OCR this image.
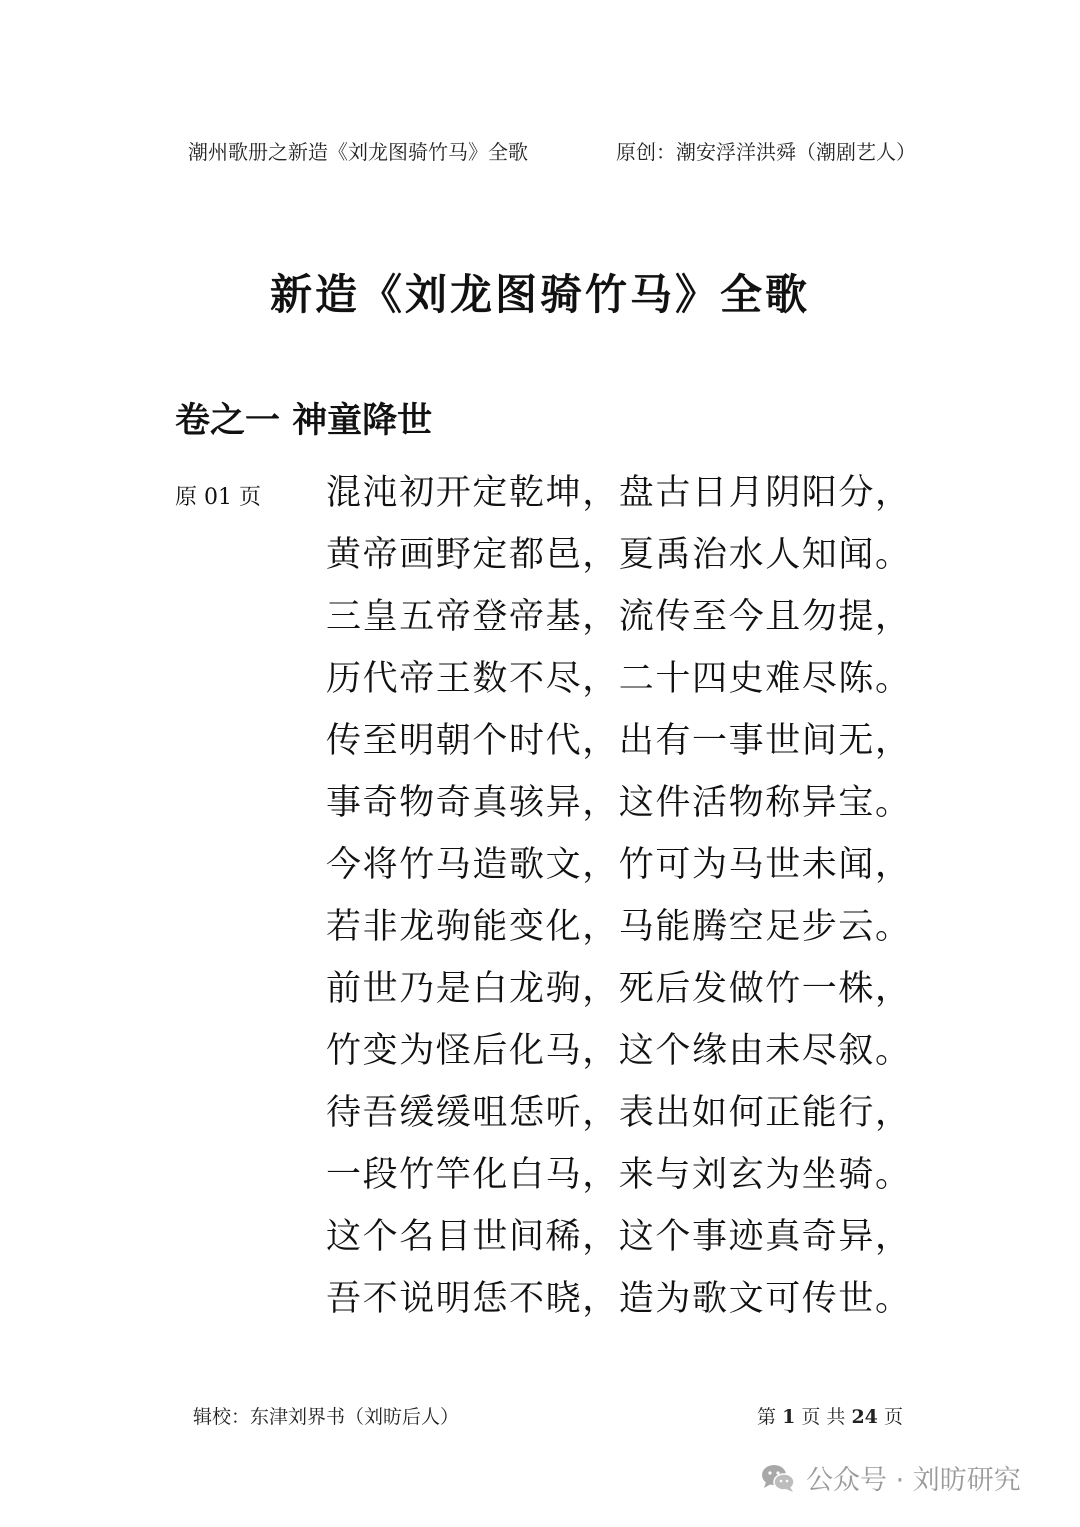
潮州歌册之新造《刘龙图骑竹马》全歌	原创：潮安浮洋洪舜（潮剧艺人）
新造《刘龙图骑竹马》全歌
卷之一 神童降世
原 01 页 混沌初开定乾坤，盘古日月阴阳分，
黄帝画野定都邑，夏禹治水人知闻。
三皇五帝登帝基，流传至今且勿提，
历代帝王数不尽，二十四史难尽陈。
传至明朝个时代，出有一事世间无，
事奇物奇真骇异，这件活物称异宝。
今将竹马造歌文，竹可为马世未闻，
若非龙驹能变化，马能腾空足步云。
前世乃是白龙驹，死后发做竹一株，
竹变为怪后化马，这个缘由未尽叙。
待吾缓缓咀恁听，表出如何正能行，
一段竹竿化白马，来与刘玄为坐骑。
这个名目世间稀，这个事迹真奇异，
吾不说明恁不晓，造为歌文可传世。
辑校：东津刘界书（刘昉后人）	第 1 页 共 24 页
公众号 · 刘昉研究
